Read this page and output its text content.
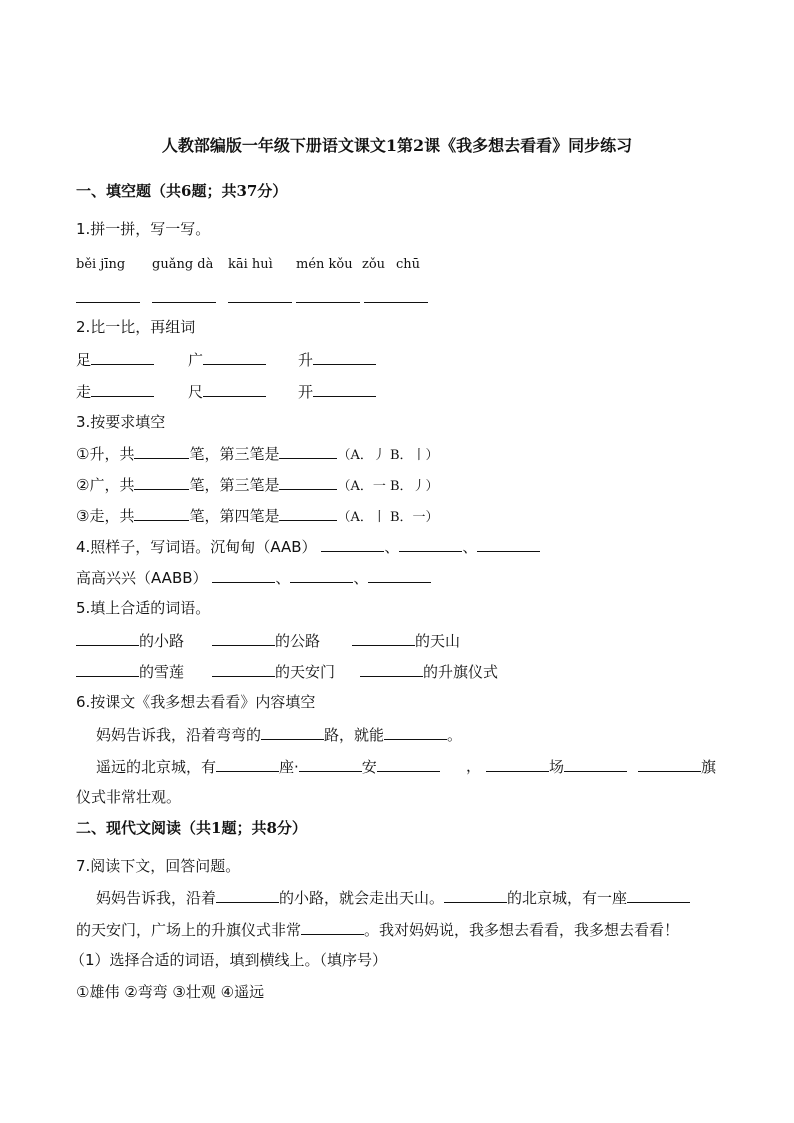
人教部编版一年级下册语文课文1第2课《我多想去看看》同步练习
一、填空题（共6题；共37分）
1.拼一拼，写一写。
běi jīng guǎng dà kāi huì mén kǒu zǒu chū
2.比一比，再组词
足	广	升
走	尺	开
3.按要求填空
①升，共	笔，第三笔是	（A．丿 B．丨）
②广，共	笔，第三笔是	（A．一 B．丿）
③走，共	笔，第四笔是	（A．丨 B．一）
4.照样子，写词语。沉甸甸（AAB）	、	、
高高兴兴（AABB）	、	、
5.填上合适的词语。
的小路	的公路	的天山
的雪莲	的天安门	的升旗仪式
6.按课文《我多想去看看》内容填空
妈妈告诉我，沿着弯弯的	路，就能	。
遥远的北京城，有	座·	安	，	场	旗
仪式非常壮观。
二、现代文阅读（共1题；共8分）
7.阅读下文，回答问题。
妈妈告诉我，沿着	的小路，就会走出天山。	的北京城，有一座
的天安门，广场上的升旗仪式非常	。我对妈妈说，我多想去看看，我多想去看看！
（1）选择合适的词语，填到横线上。（填序号）
①雄伟 ②弯弯 ③壮观 ④遥远
